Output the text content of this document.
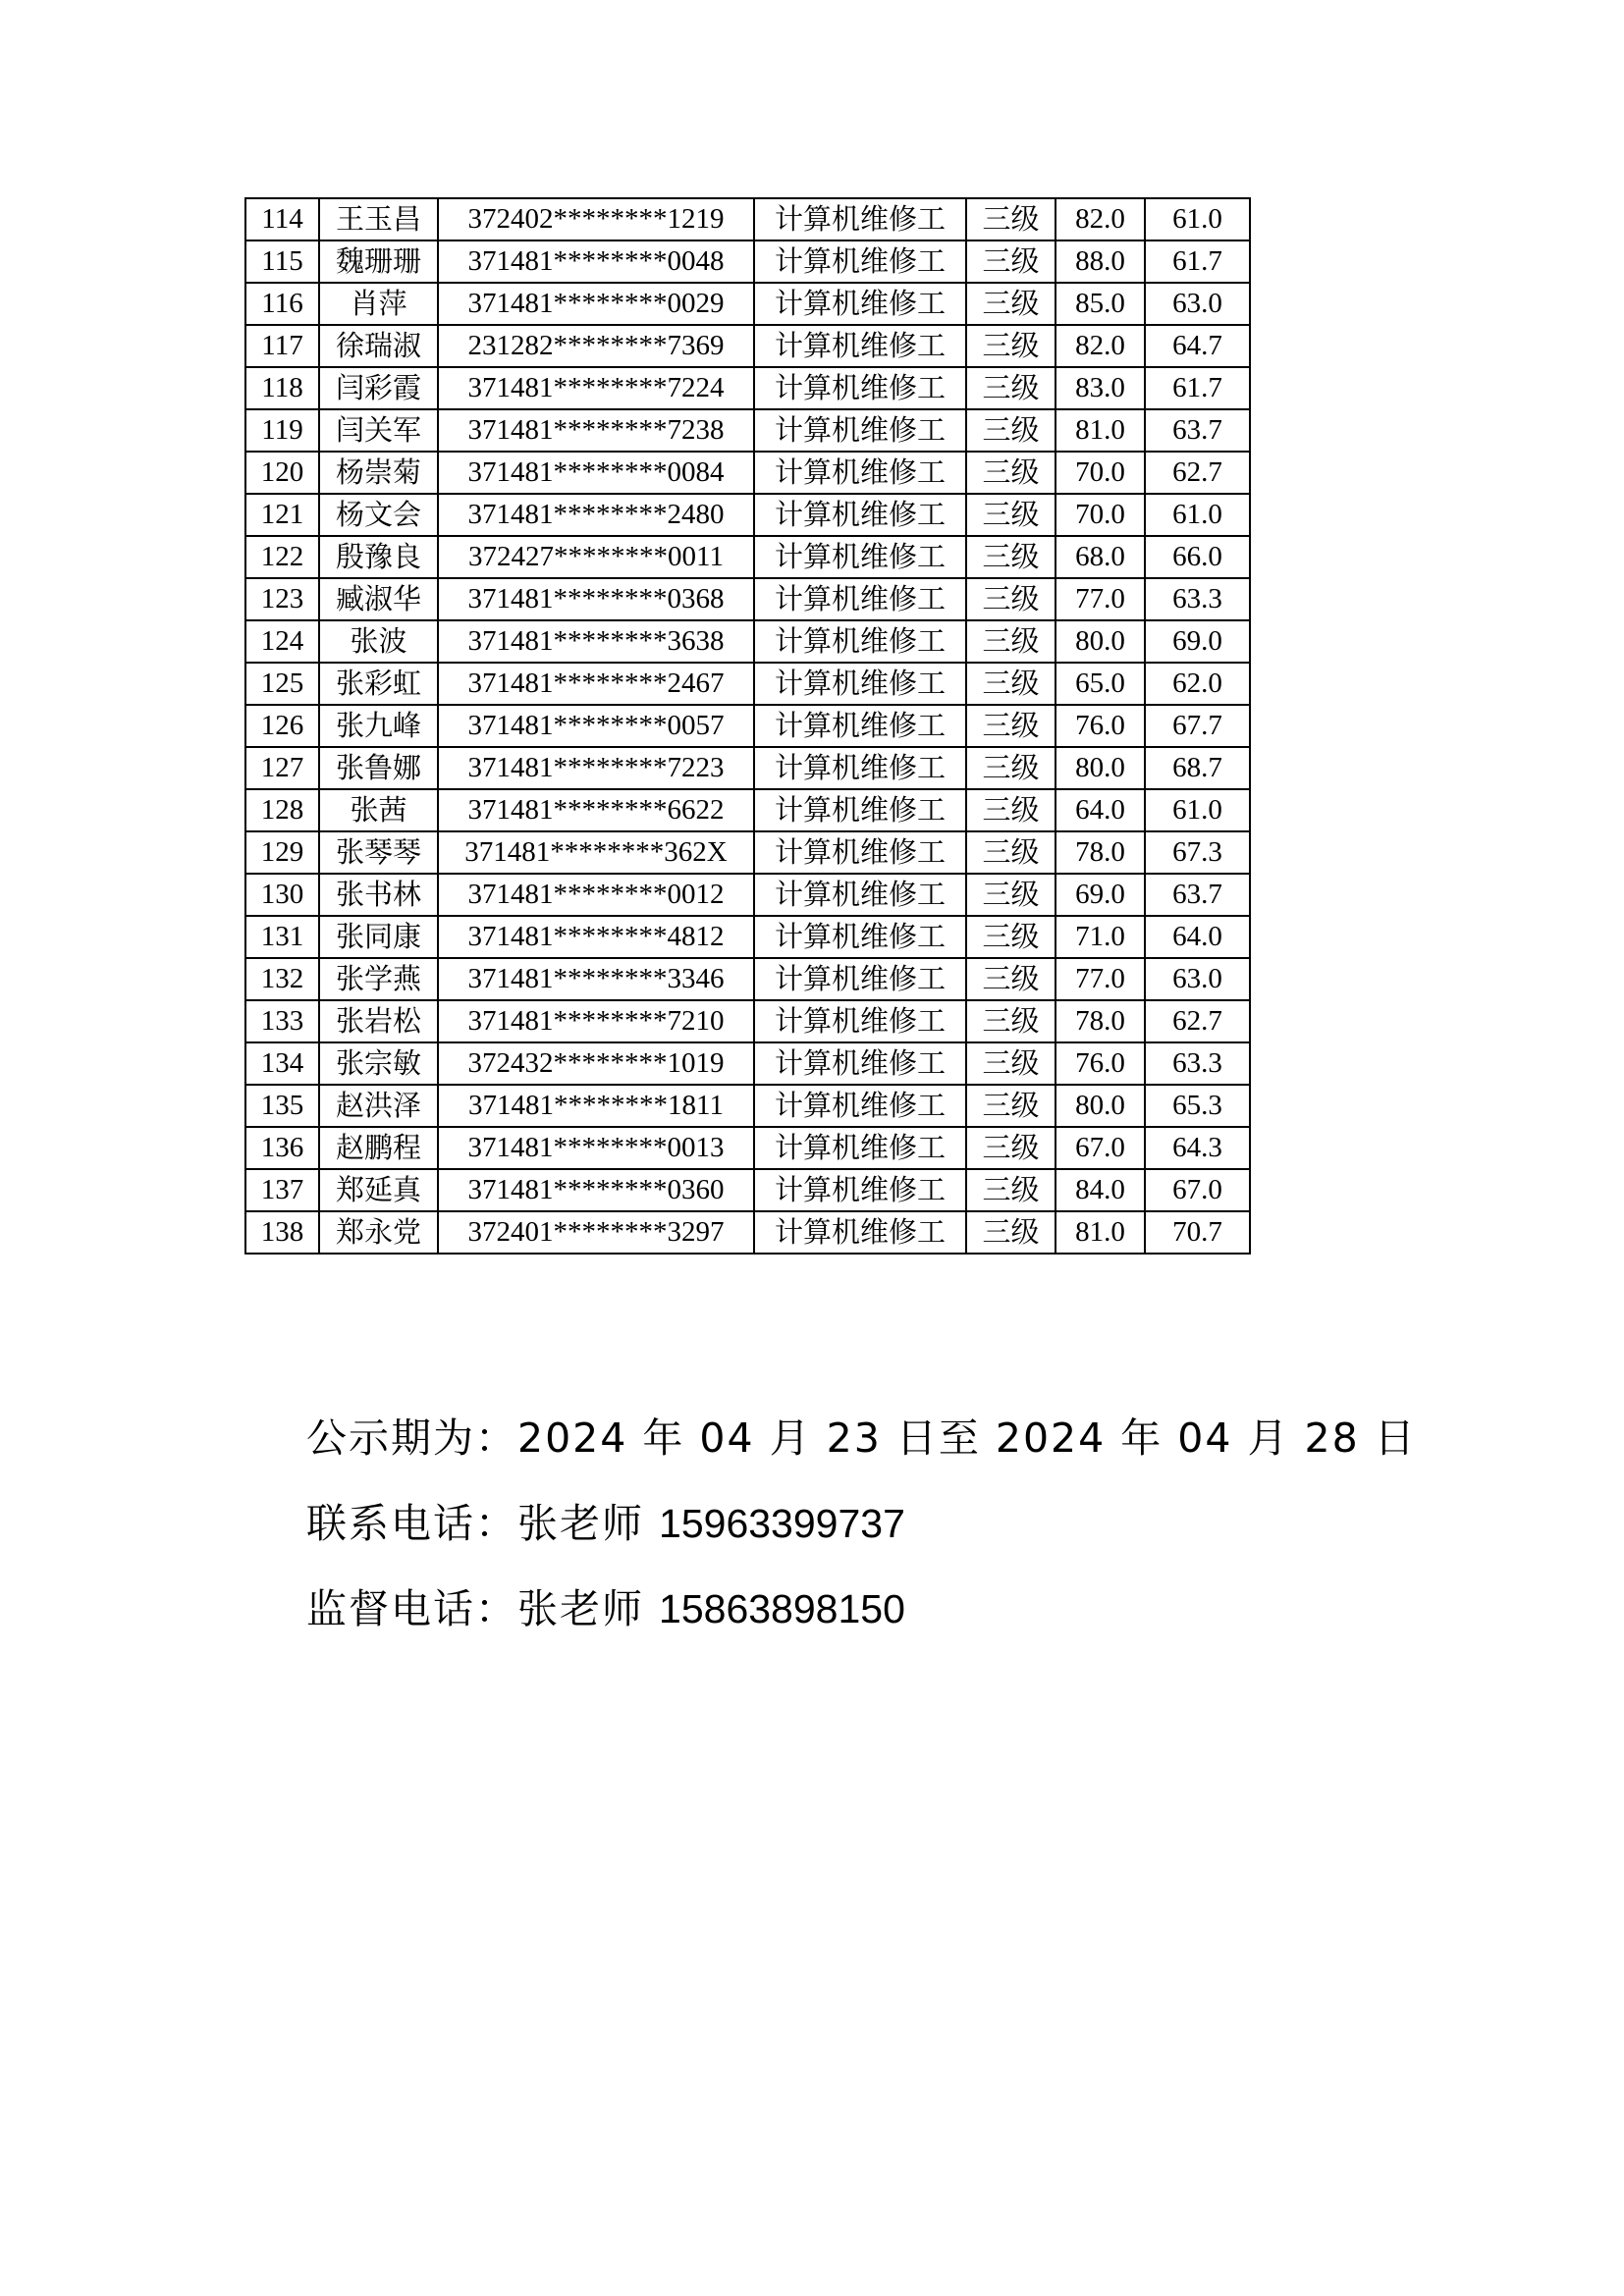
114	王玉昌	372402********1219	计算机维修工	三级	82.0	61.0
115	魏珊珊	371481********0048	计算机维修工	三级	88.0	61.7
116	肖萍	371481********0029	计算机维修工	三级	85.0	63.0
117	徐瑞淑	231282********7369	计算机维修工	三级	82.0	64.7
118	闫彩霞	371481********7224	计算机维修工	三级	83.0	61.7
119	闫关军	371481********7238	计算机维修工	三级	81.0	63.7
120	杨崇菊	371481********0084	计算机维修工	三级	70.0	62.7
121	杨文会	371481********2480	计算机维修工	三级	70.0	61.0
122	殷豫良	372427********0011	计算机维修工	三级	68.0	66.0
123	臧淑华	371481********0368	计算机维修工	三级	77.0	63.3
124	张波	371481********3638	计算机维修工	三级	80.0	69.0
125	张彩虹	371481********2467	计算机维修工	三级	65.0	62.0
126	张九峰	371481********0057	计算机维修工	三级	76.0	67.7
127	张鲁娜	371481********7223	计算机维修工	三级	80.0	68.7
128	张茜	371481********6622	计算机维修工	三级	64.0	61.0
129	张琴琴	371481********362X	计算机维修工	三级	78.0	67.3
130	张书林	371481********0012	计算机维修工	三级	69.0	63.7
131	张同康	371481********4812	计算机维修工	三级	71.0	64.0
132	张学燕	371481********3346	计算机维修工	三级	77.0	63.0
133	张岩松	371481********7210	计算机维修工	三级	78.0	62.7
134	张宗敏	372432********1019	计算机维修工	三级	76.0	63.3
135	赵洪泽	371481********1811	计算机维修工	三级	80.0	65.3
136	赵鹏程	371481********0013	计算机维修工	三级	67.0	64.3
137	郑延真	371481********0360	计算机维修工	三级	84.0	67.0
138	郑永党	372401********3297	计算机维修工	三级	81.0	70.7
公示期为：2024 年 04 月 23 日至 2024 年 04 月 28 日
联系电话：张老师 15963399737
监督电话：张老师 15863898150
